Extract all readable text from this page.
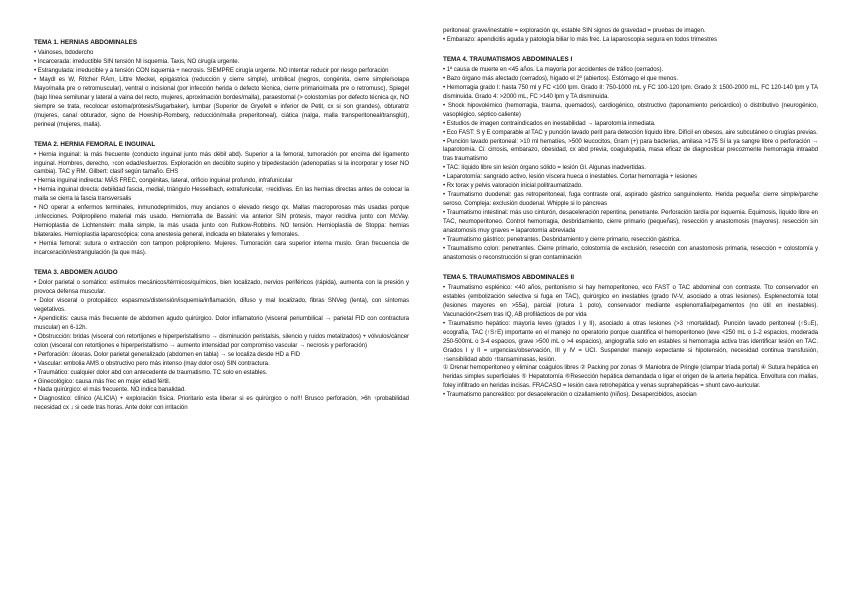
TEMA 1. HERNIAS ABDOMINALES

• Vainoses, bdodercho

• Incarcerada: irreductible SIN tensión NI isquemia. Taxis, NO cirugía urgente.

• Estrangulada: irreducible y a tensión CON isquemia + necrosis. SIEMPRE cirugía urgente. NO intentar reducir por riesgo perforación

• Maydl es W, Ritcher RAm, Littre Meckel, epigástrica (reducción y cierre simple), umbilical (negros, congénita, cierre simple/solapa Mayo/malla pre o retromuscular), ventral o incisional (por infección herida o defecto técnica, cierre primario/malla pre o retromusc), Spiegel (bajo línea semilunar y lateral a vaina del recto, mujeres, aproximación bordes/malla), paraestomal (> colostomías por defecto técnica qx, NO siempre se trata, recolocar estoma/prótesis/Sugarbaker), lumbar (Superior de Gryefelt e inferior de Petit, cx si son grandes), obturatriz (mujeres, canal obturador, signo de Howship-Romberg, reducción/malla preperitoneal), ciática (nalga, malla transperitoneal/transglút), perineal (mujeres, malla).

TEMA 2. HERNIA FEMORAL E INGUINAL

• Hernia inguinal: la más frecuente (conducto inguinal junto más débil abd). Superior a la femoral, tumoración por encima del ligamento inguinal. Hombres, derecho, ↑con edad/esfuerzos. Exploración en decúbito supino y bipedestación (adenopatías si la incorporar y toser NO cambia). TAC y RM. Gilbert: clasif según tamaño. EHS

• Hernia inguinal indirecta: MÁS FREC, congénitas, lateral, orificio inguinal profundo, infrafunicular

• Hernia inguinal directa: debilidad fascia, medial, triángulo Hesselbach, extrafunicular, ↑recidivas. En las hernias directas antes de colocar la malla se cierra la fascia transversalis

• NO operar a enfermos terminales, inmunodeprimidos, muy ancianos o elevado riesgo qx. Mallas macroporosas más usadas porque ↓infecciones. Polipropileno material más usado. Herniorrafia de Bassini: via anterior SIN prótesis, mayor recidiva junto con McVay. Hernioplastia de Lichtenstein: malla simple, la más usada junto con Rutkow-Robbins. NO tensión. Hernioplastia de Stoppa: hernias bilaterales. Hernioplastia laparoscópica: cona anestesia general, indicada en bilaterales y femorales.

• Hernia femoral: sutura o extracción con tampon polipropileno. Mujeres. Tumoración cara superior interna muslo. Gran frecuencia de incarceración/estrangulación (la que más).

TEMA 3. ABDOMEN AGUDO

• Dolor parietal o somático: estímulos mecánicos/térmicos/químicos, bien localizado, nervios periféricos (rápida), aumenta con la presión y provoca defensa muscular.

• Dolor visceral o protopático: espasmos/distensión/isquemia/inflamación, difuso y mal localizado, fibras SNVeg (lenta), con síntomas vegetativos.

• Apendicitis: causa más frecuente de abdomen agudo quirúrgico. Dolor inflamatorio (visceral periumbilical → parietal FID con contractura muscular) en 6-12h.

• Obstrucción: bridas (visceral con retortijones e hiperperistaltismo → disminución peristalsis, silencio y ruidos metalizados) + vólvulos/cáncer colon (visceral con retortijones e hiperperistaltismo → aumento intensidad por compromiso vascular → necrosis y perforación)

• Perforación: úlceras. Dolor parietal generalizado (abdomen en tabla) → se localiza desde HD a FID

• Vascular: embolia AMS o obstructivo pero más intenso (may dolor oso) SIN contractura.

• Traumático: cualquier dolor abd con antecedente de traumatismo. TC solo en estables.

• Ginecológico: causa más frec en mujer edad fértil.

• Nada quirúrgico: el más frecuente. NO indica banalidad.

• Diagnostico: clínico (ALICIA) + exploración física. Prioritario esta liberar si es quirúrgico o no!!! Brusco perforación, >6h ↑probabilidad necesidad cx ↓ si cede tras horas. Ante dolor con irritación

peritoneal: grave/inestable = exploración qx, estable SIN signos de gravedad = pruebas de imagen.

• Embarazo: apendicitis aguda y patología biliar lo más frec. La laparoscopia segura en todos trimestres

TEMA 4. TRAUMATISMOS ABDOMINALES I

• 1ª causa de muerte en <45 años. La mayoría por accidentes de tráfico (cerrados).

• Bazo órgano más afectado (cerrados), hígado el 2º (abiertos). Estómago el que menos.

• Hemorragia grado I: hasta 750 ml y FC <100 lpm. Grado II: 750-1000 mL y FC 100-120 lpm. Grado 3: 1500-2000 mL, FC 120-140 lpm y TA disminuida. Grado 4: >2000 mL, FC >140 lpm y TA disminuida.

• Shock hipovolémico (hemorragia, trauma, quemados), cardiogénico, obstructivo (taponamiento pericárdico) o distributivo (neurogénico, vasoplégico, séptico caliente)

• Estudios de imagen contraindicados en inestabilidad → laparotomía inmediata.

• Eco FAST: S y E comparable al TAC y punción lavado perit para detección líquido libre. Difícil en obesos, aire subcutáneo o cirugías previas.

• Punción lavado peritoneal: >10 ml hematíes, >500 leucocitos, Gram (+) para bacterias, amilasa >175 Si la ya sangre libre o perforación → laparotomía. Ci: cirrosis, embarazo, obesidad, cx abd previa, coagulopatía, masa eficaz de diagnosticar precozmente hemorragia intraabd tras traumatismo

• TAC: líquido libre sin lesión órgano sólido = lesión GI. Algunas inadvertidas.

• Laparotomía: sangrado activo, lesión víscera hueca o inestables. Cortar hemorragia + lesiones

• Rx torax y pelvis valoración inicial politraumatizado.

• Traumatismo duodenal: gas retroperitoneal, fuga contraste oral, aspirado gástrico sanguinolento. Herida pequeña: cierre simple/parche seroso. Compleja: exclusión duodenal. Whipple si lo páncreas

• Traumatismo intestinal: más uso cinturón, desaceleración repentina, penetrante. Perforación tardía por isquemia. Equimosis, líquido libre en TAC, neumoperitoneo. Control hemorragia, desbridamiento, cierre primario (pequeñas), resección y anastomosis (mayores). resección sin anastomosis muy graves = laparotomía abreviada

• Traumatismo gástrico: penetrantes. Desbridamiento y cierre primario, resección gástrica.

• Traumatismo colon: penetrantes. Cierre primario, colostomía de exclusión, resección con anastomosis primaria, resección + colostomía y anastomosis o reconstrucción si gran contaminación

TEMA 5. TRAUMATISMOS ABDOMINALES II

• Traumatismo esplénico: <40 años, peritonismo si hay hemoperitoneo, eco FAST o TAC abdominal con contraste. Tto conservador en estables (embolización selectiva si fuga en TAC), quirúrgico en inestables (grado IV-V, asociado a otras lesiones). Esplenectomía total (lesiones mayores en >55a), parcial (rotura 1 polo), conservador mediante esplenorrafia/pegamentos (no útil en inestables). Vacunación<2sem tras IQ, AB profilácticos de por vida

• Traumatismo hepático: mayoría leves (grados I y II), asociado a otras lesiones (>3 ↑mortalidad). Punción lavado peritoneal (↑S↓E), ecografía, TAC (↑S↑E) importante en el manejo no operatorio porque cuantifica el hemoperitoneo (leve <250 mL o 1-2 espacios, moderada 250-500mL o 3-4 espacios, grave >500 mL o >4 espacios), angiografía solo en estables si hemorragia activa tras identificar lesión en TAC. Grados I y II = urgencias/observación, III y IV = UCI. Suspender manejo expectante si hipotensión, necesidad continua transfusión, ↑sensibilidad abdo ↑transaminasas, lesión.

① Drenar hemoperitoneo y eliminar coágulos libres ② Packing por zonas ③ Maniobra de Pringle (clampar tríada portal) ④ Sutura hepática en heridas simples superficiales ⑤ Hepatotomía ⑥Resección hepática demandada o ligar el origen de la arteria hepática. Envoltura con mallas, foley infiltrado en heridas incisas. FRACASO = lesión cava retrohepática y venas suprahepáticas = shunt cavo-auricular.

• Traumatismo pancreático: por desaceleración o cizallamiento (niños). Desapercibidos, asocian
